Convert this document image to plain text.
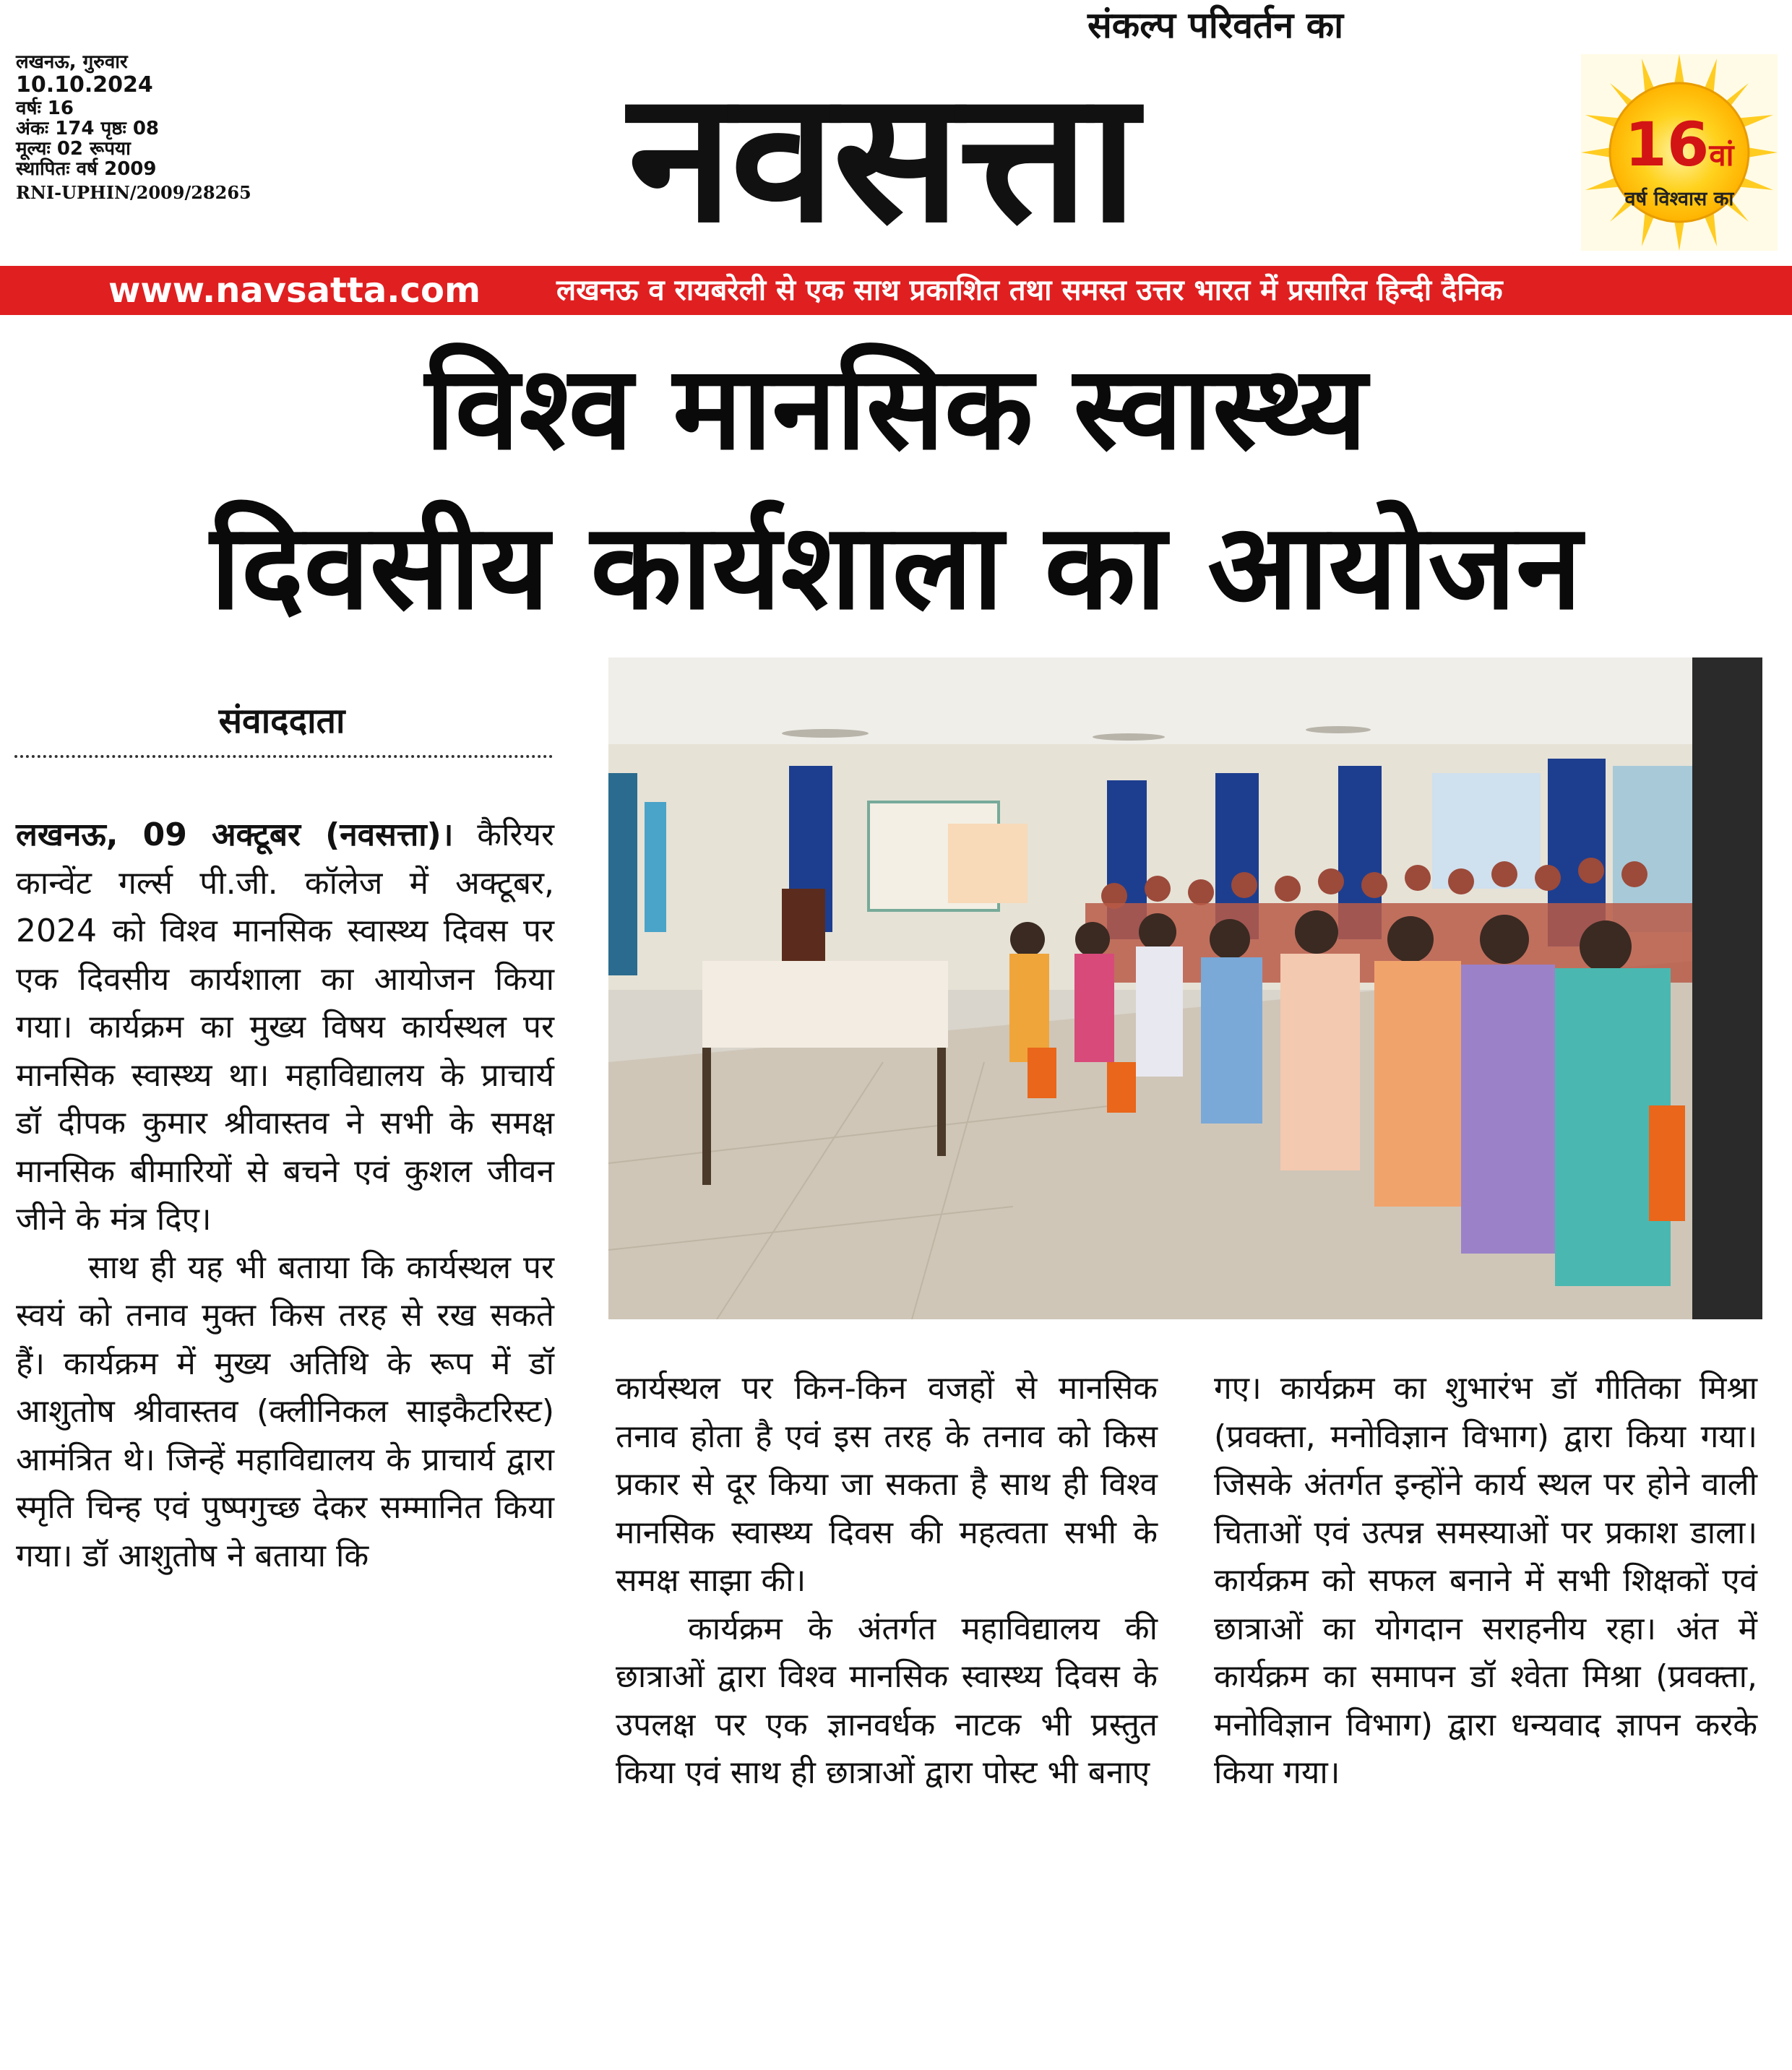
लखनऊ, गुरुवार
10.10.2024
वर्षः 16
अंकः 174 पृष्ठः 08
मूल्यः 02 रूपया
स्थापितः वर्ष 2009
RNI-UPHIN/2009/28265
संकल्प परिवर्तन का
नवसत्ता	16वां
वर्ष विश्वास का
www.navsatta.com	लखनऊ व रायबरेली से एक साथ प्रकाशित तथा समस्त उत्तर भारत में प्रसारित हिन्दी दैनिक
विश्व मानसिक स्वास्थ्य
दिवसीय कार्यशाला का आयोजन
संवाददाता

लखनऊ, 09 अक्टूबर (नवसत्ता)। कैरियर कान्वेंट गर्ल्स पी.जी. कॉलेज में अक्टूबर, 2024 को विश्व मानसिक स्वास्थ्य दिवस पर एक दिवसीय कार्यशाला का आयोजन किया गया। कार्यक्रम का मुख्य विषय कार्यस्थल पर मानसिक स्वास्थ्य था। महाविद्यालय के प्राचार्य डॉ दीपक कुमार श्रीवास्तव ने सभी के समक्ष मानसिक बीमारियों से बचने एवं कुशल जीवन जीने के मंत्र दिए।

साथ ही यह भी बताया कि कार्यस्थल पर स्वयं को तनाव मुक्त किस तरह से रख सकते हैं। कार्यक्रम में मुख्य अतिथि के रूप में डॉ आशुतोष श्रीवास्तव (क्लीनिकल साइकैटरिस्ट) आमंत्रित थे। जिन्हें महाविद्यालय के प्राचार्य द्वारा स्मृति चिन्ह एवं पुष्पगुच्छ देकर सम्मानित किया गया। डॉ आशुतोष ने बताया कि

कार्यस्थल पर किन-किन वजहों से मानसिक तनाव होता है एवं इस तरह के तनाव को किस प्रकार से दूर किया जा सकता है साथ ही विश्व मानसिक स्वास्थ्य दिवस की महत्वता सभी के समक्ष साझा की।

कार्यक्रम के अंतर्गत महाविद्यालय की छात्राओं द्वारा विश्व मानसिक स्वास्थ्य दिवस के उपलक्ष पर एक ज्ञानवर्धक नाटक भी प्रस्तुत किया एवं साथ ही छात्राओं द्वारा पोस्ट भी बनाए

गए। कार्यक्रम का शुभारंभ डॉ गीतिका मिश्रा (प्रवक्ता, मनोविज्ञान विभाग) द्वारा किया गया। जिसके अंतर्गत इन्होंने कार्य स्थल पर होने वाली चिताओं एवं उत्पन्न समस्याओं पर प्रकाश डाला। कार्यक्रम को सफल बनाने में सभी शिक्षकों एवं छात्राओं का योगदान सराहनीय रहा। अंत में कार्यक्रम का समापन डॉ श्वेता मिश्रा (प्रवक्ता, मनोविज्ञान विभाग) द्वारा धन्यवाद ज्ञापन करके किया गया।
